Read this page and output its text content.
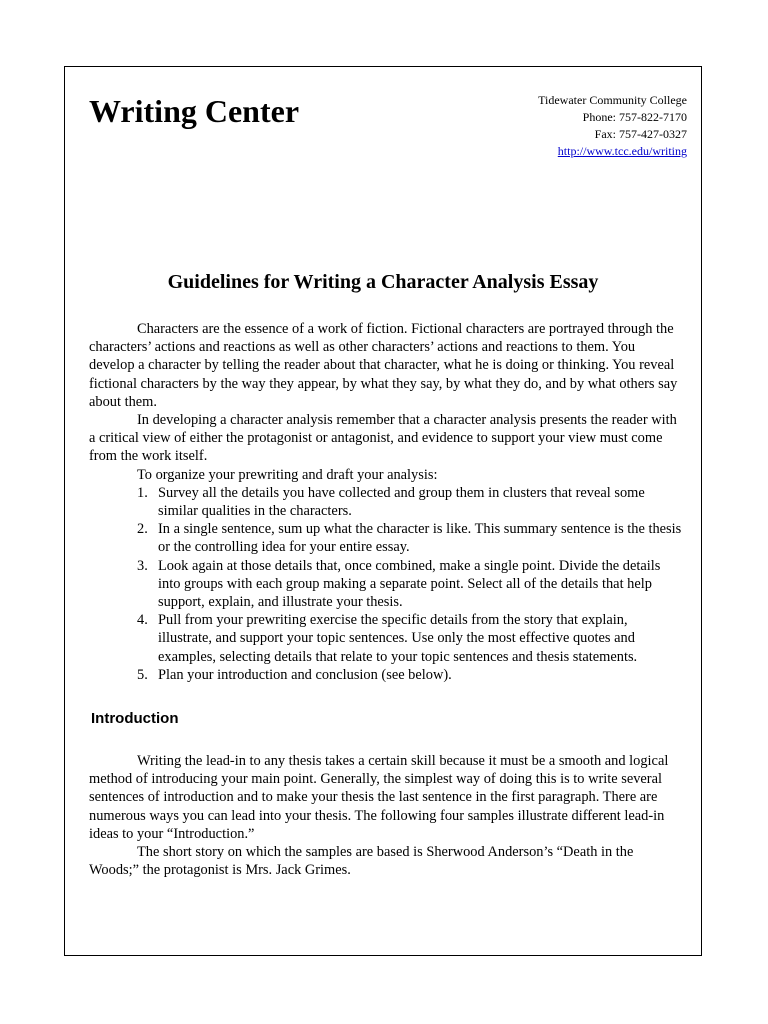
Writing Center	Tidewater Community College
Phone: 757-822-7170
Fax: 757-427-0327
http://www.tcc.edu/writing
Guidelines for Writing a Character Analysis Essay

Characters are the essence of a work of fiction. Fictional characters are portrayed through the characters’ actions and reactions as well as other characters’ actions and reactions to them. You develop a character by telling the reader about that character, what he is doing or thinking. You reveal fictional characters by the way they appear, by what they say, by what they do, and by what others say about them.

In developing a character analysis remember that a character analysis presents the reader with a critical view of either the protagonist or antagonist, and evidence to support your view must come from the work itself.

To organize your prewriting and draft your analysis:

1. Survey all the details you have collected and group them in clusters that reveal some similar qualities in the characters.
2. In a single sentence, sum up what the character is like. This summary sentence is the thesis or the controlling idea for your entire essay.
3. Look again at those details that, once combined, make a single point. Divide the details into groups with each group making a separate point. Select all of the details that help support, explain, and illustrate your thesis.
4. Pull from your prewriting exercise the specific details from the story that explain, illustrate, and support your topic sentences. Use only the most effective quotes and examples, selecting details that relate to your topic sentences and thesis statements.
5. Plan your introduction and conclusion (see below).
Introduction

Writing the lead-in to any thesis takes a certain skill because it must be a smooth and logical method of introducing your main point. Generally, the simplest way of doing this is to write several sentences of introduction and to make your thesis the last sentence in the first paragraph. There are numerous ways you can lead into your thesis. The following four samples illustrate different lead-in ideas to your “Introduction.”

The short story on which the samples are based is Sherwood Anderson’s “Death in the Woods;” the protagonist is Mrs. Jack Grimes.
